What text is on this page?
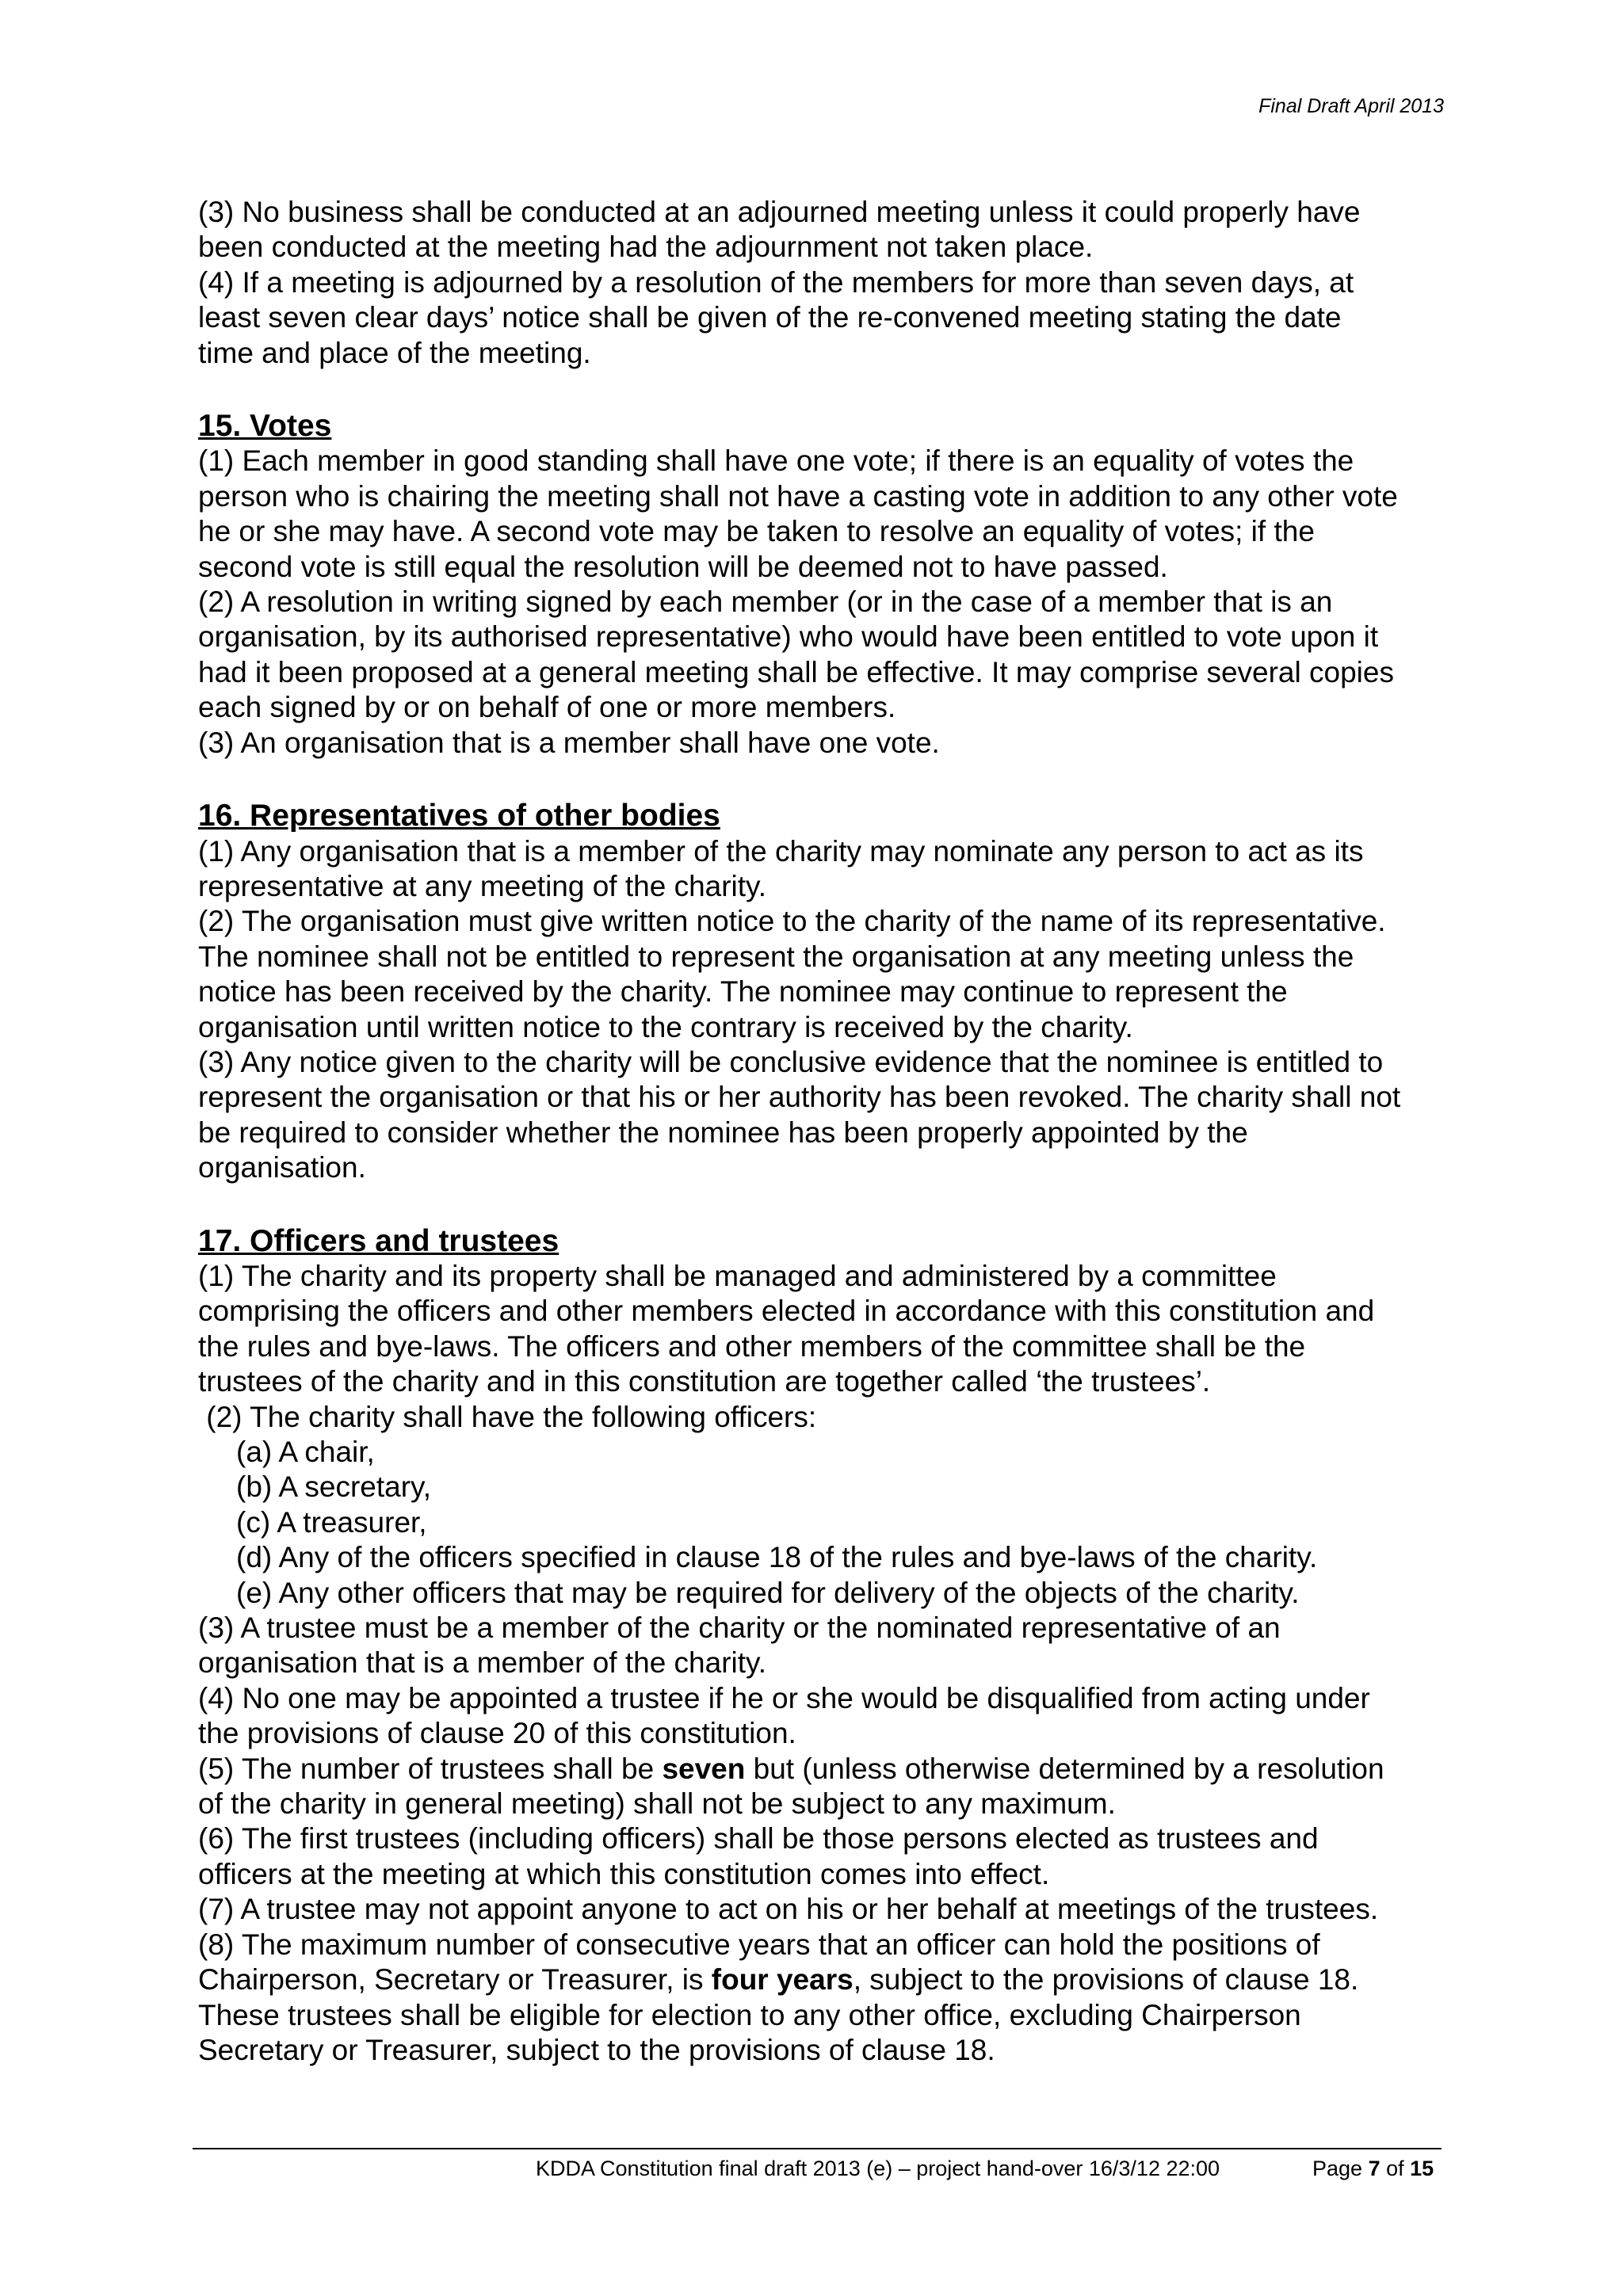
Final Draft April 2013

(3) No business shall be conducted at an adjourned meeting unless it could properly have

been conducted at the meeting had the adjournment not taken place.

(4) If a meeting is adjourned by a resolution of the members for more than seven days, at

least seven clear days’ notice shall be given of the re-convened meeting stating the date

time and place of the meeting.

15. Votes

(1) Each member in good standing shall have one vote; if there is an equality of votes the

person who is chairing the meeting shall not have a casting vote in addition to any other vote

he or she may have. A second vote may be taken to resolve an equality of votes; if the

second vote is still equal the resolution will be deemed not to have passed.

(2) A resolution in writing signed by each member (or in the case of a member that is an

organisation, by its authorised representative) who would have been entitled to vote upon it

had it been proposed at a general meeting shall be effective. It may comprise several copies

each signed by or on behalf of one or more members.

(3) An organisation that is a member shall have one vote.

16. Representatives of other bodies

(1) Any organisation that is a member of the charity may nominate any person to act as its

representative at any meeting of the charity.

(2) The organisation must give written notice to the charity of the name of its representative.

The nominee shall not be entitled to represent the organisation at any meeting unless the

notice has been received by the charity. The nominee may continue to represent the

organisation until written notice to the contrary is received by the charity.

(3) Any notice given to the charity will be conclusive evidence that the nominee is entitled to

represent the organisation or that his or her authority has been revoked. The charity shall not

be required to consider whether the nominee has been properly appointed by the

organisation.

17. Officers and trustees

(1) The charity and its property shall be managed and administered by a committee

comprising the officers and other members elected in accordance with this constitution and

the rules and bye-laws. The officers and other members of the committee shall be the

trustees of the charity and in this constitution are together called ‘the trustees’.

(2) The charity shall have the following officers:

(a) A chair,

(b) A secretary,

(c) A treasurer,

(d) Any of the officers specified in clause 18 of the rules and bye-laws of the charity.

(e) Any other officers that may be required for delivery of the objects of the charity.

(3) A trustee must be a member of the charity or the nominated representative of an

organisation that is a member of the charity.

(4) No one may be appointed a trustee if he or she would be disqualified from acting under

the provisions of clause 20 of this constitution.

(5) The number of trustees shall be seven but (unless otherwise determined by a resolution

of the charity in general meeting) shall not be subject to any maximum.

(6) The first trustees (including officers) shall be those persons elected as trustees and

officers at the meeting at which this constitution comes into effect.

(7) A trustee may not appoint anyone to act on his or her behalf at meetings of the trustees.

(8) The maximum number of consecutive years that an officer can hold the positions of

Chairperson, Secretary or Treasurer, is four years, subject to the provisions of clause 18.

These trustees shall be eligible for election to any other office, excluding Chairperson

Secretary or Treasurer, subject to the provisions of clause 18.

KDDA Constitution final draft 2013 (e) – project hand-over 16/3/12 22:00	Page 7 of 15
